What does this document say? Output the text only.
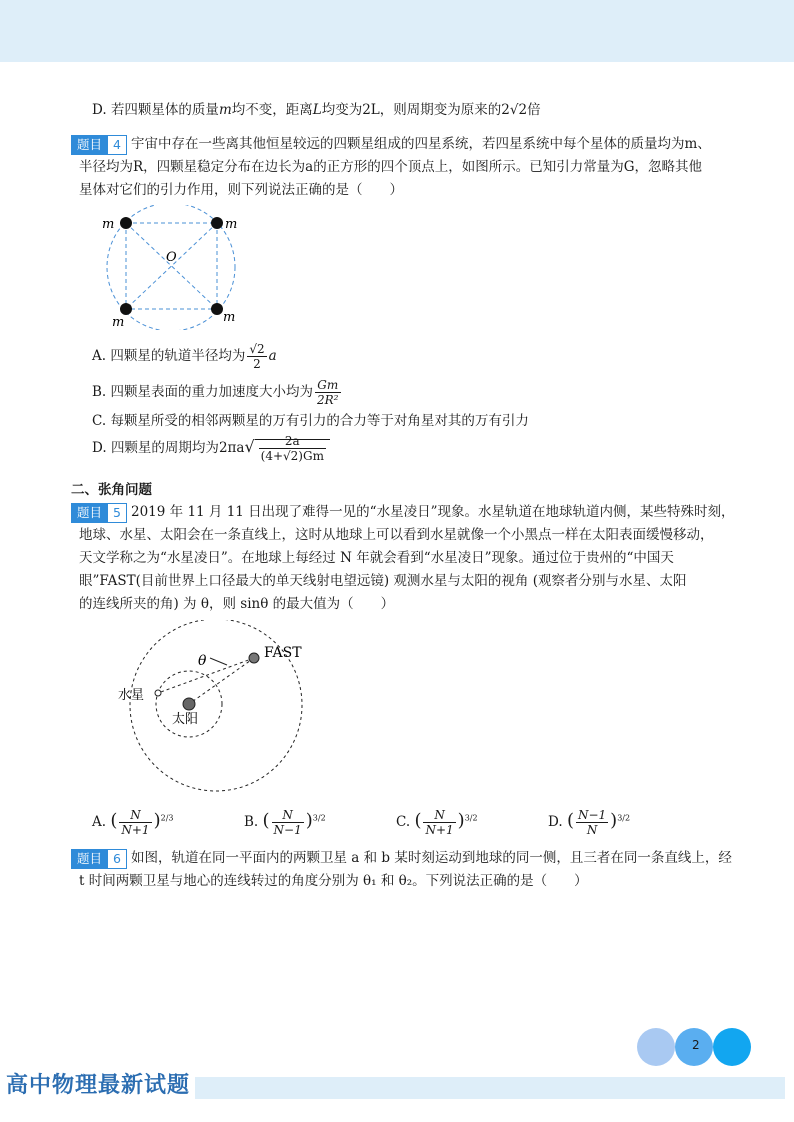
D. 若四颗星体的质量m均不变，距离L均变为2L，则周期变为原来的2√2倍
题目 4 宇宙中存在一些离其他恒星较远的四颗星组成的四星系统，若四星系统中每个星体的质量均为m、
半径均为R，四颗星稳定分布在边长为a的正方形的四个顶点上，如图所示。已知引力常量为G，忽略其他
星体对它们的引力作用，则下列说法正确的是（　　）
O
m	m
m	m
A. 四颗星的轨道半径均为 $\frac{√2}{2}$ a
B. 四颗星表面的重力加速度大小均为 $\frac{Gm}{\text{2R²}}$
C. 每颗星所受的相邻两颗星的万有引力的合力等于对角星对其的万有引力
D. 四颗星的周期均为$2\pi a√ \frac{2a}{(4+√2)Gm}$
二、张角问题
题目 5 2019 年 11 月 11 日出现了难得一见的“水星凌日”现象。水星轨道在地球轨道内侧，某些特殊时刻，
地球、水星、太阳会在一条直线上，这时从地球上可以看到水星就像一个小黑点一样在太阳表面缓慢移动，
天文学称之为“水星凌日”。在地球上每经过 N 年就会看到“水星凌日”现象。通过位于贵州的“中国天
眼”FAST(目前世界上口径最大的单天线射电望远镜) 观测水星与太阳的视角 (观察者分别与水星、太阳
的连线所夹的角) 为 θ，则 sinθ 的最大值为（　　）
FAST
θ
水星
太阳
A. ( $\frac{N}{N+1} )^{2/3}$	B. ( $\frac{N}{N-1} )^{3/2}$	C. ( $\frac{N}{N+1} )^{3/2}$	D. ( $\frac{N-1}{N} )^{3/2}$
题目 6 如图，轨道在同一平面内的两颗卫星 a 和 b 某时刻运动到地球的同一侧，且三者在同一条直线上，经
t 时间两颗卫星与地心的连线转过的角度分别为 θ₁ 和 θ₂。下列说法正确的是（　　）
2
高中物理最新试题
